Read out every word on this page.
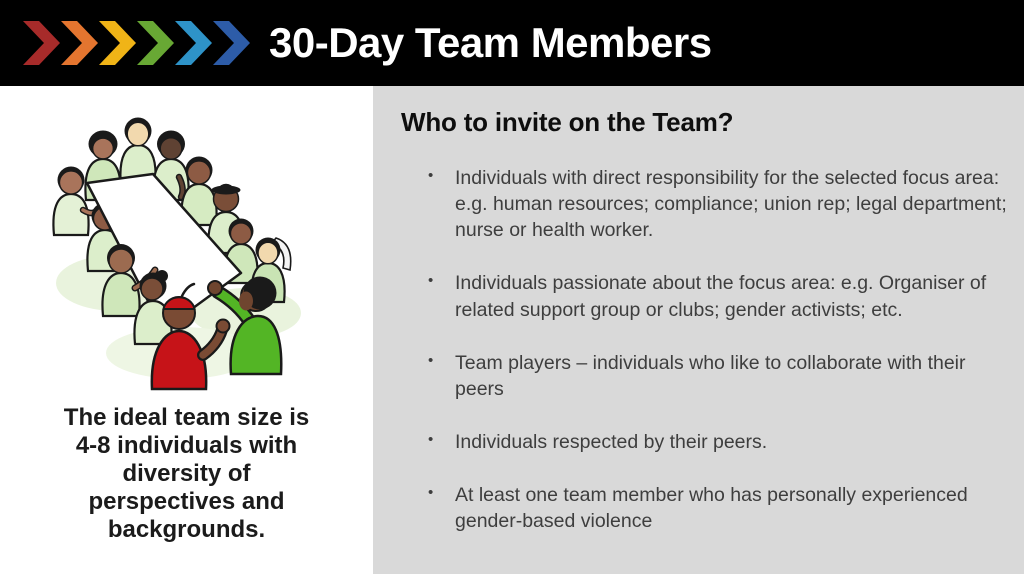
30-Day Team Members
The ideal team size is
4-8 individuals with
diversity of
perspectives and
backgrounds.
Who to invite on the Team?
• Individuals with direct responsibility for the selected focus area: e.g. human resources; compliance; union rep; legal department; nurse or health worker.
• Individuals passionate about the focus area: e.g. Organiser of related support group or clubs; gender activists; etc.
• Team players – individuals who like to collaborate with their peers
• Individuals respected by their peers.
• At least one team member who has personally experienced gender-based violence
